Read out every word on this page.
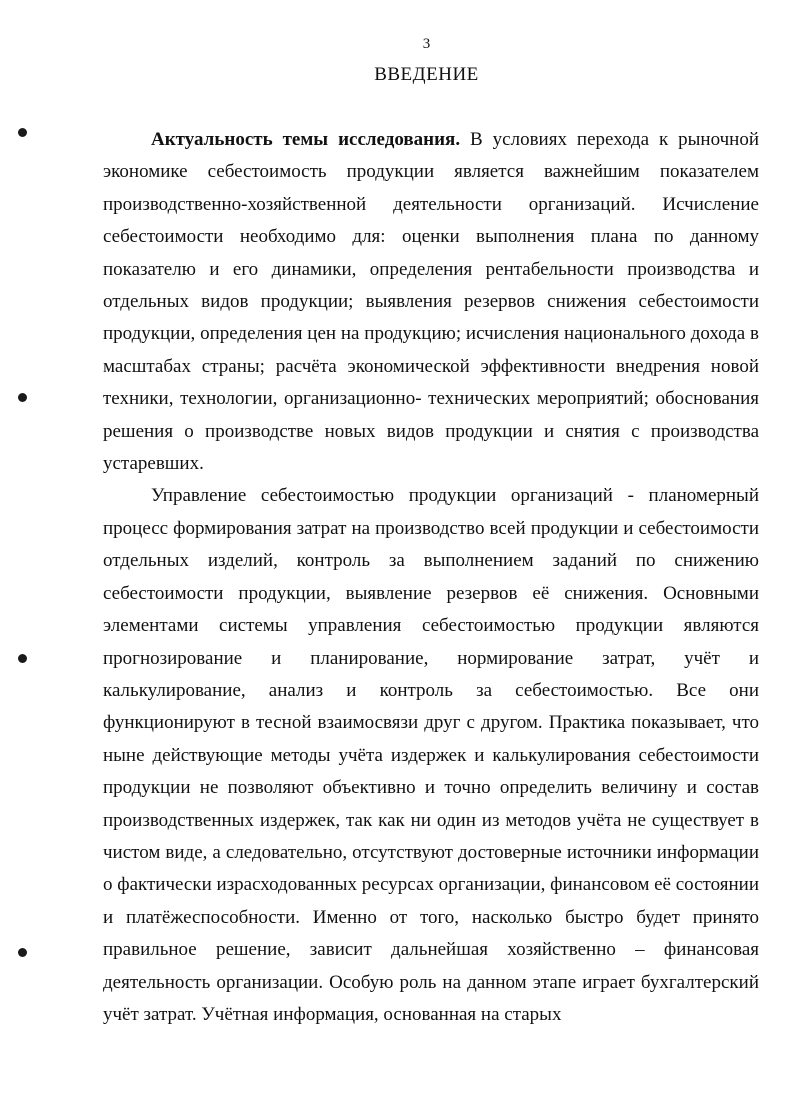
3
ВВЕДЕНИЕ

Актуальность темы исследования. В условиях перехода к рыночной экономике себестоимость продукции является важнейшим показателем производственно-хозяйственной деятельности организаций. Исчисление себестоимости необходимо для: оценки выполнения плана по данному показателю и его динамики, определения рентабельности производства и отдельных видов продукции; выявления резервов снижения себестоимости продукции, определения цен на продукцию; исчисления национального дохода в масштабах страны; расчёта экономической эффективности внедрения новой техники, технологии, организационно- технических мероприятий; обоснования решения о производстве новых видов продукции и снятия с производства устаревших.

Управление себестоимостью продукции организаций - планомерный процесс формирования затрат на производство всей продукции и себестоимости отдельных изделий, контроль за выполнением заданий по снижению себестоимости продукции, выявление резервов её снижения. Основными элементами системы управления себестоимостью продукции являются прогнозирование и планирование, нормирование затрат, учёт и калькулирование, анализ и контроль за себестоимостью. Все они функционируют в тесной взаимосвязи друг с другом. Практика показывает, что ныне действующие методы учёта издержек и калькулирования себестоимости продукции не позволяют объективно и точно определить величину и состав производственных издержек, так как ни один из методов учёта не существует в чистом виде, а следовательно, отсутствуют достоверные источники информации о фактически израсходованных ресурсах организации, финансовом её состоянии и платёжеспособности. Именно от того, насколько быстро будет принято правильное решение, зависит дальнейшая хозяйственно – финансовая деятельность организации. Особую роль на данном этапе играет бухгалтерский учёт затрат. Учётная информация, основанная на старых
